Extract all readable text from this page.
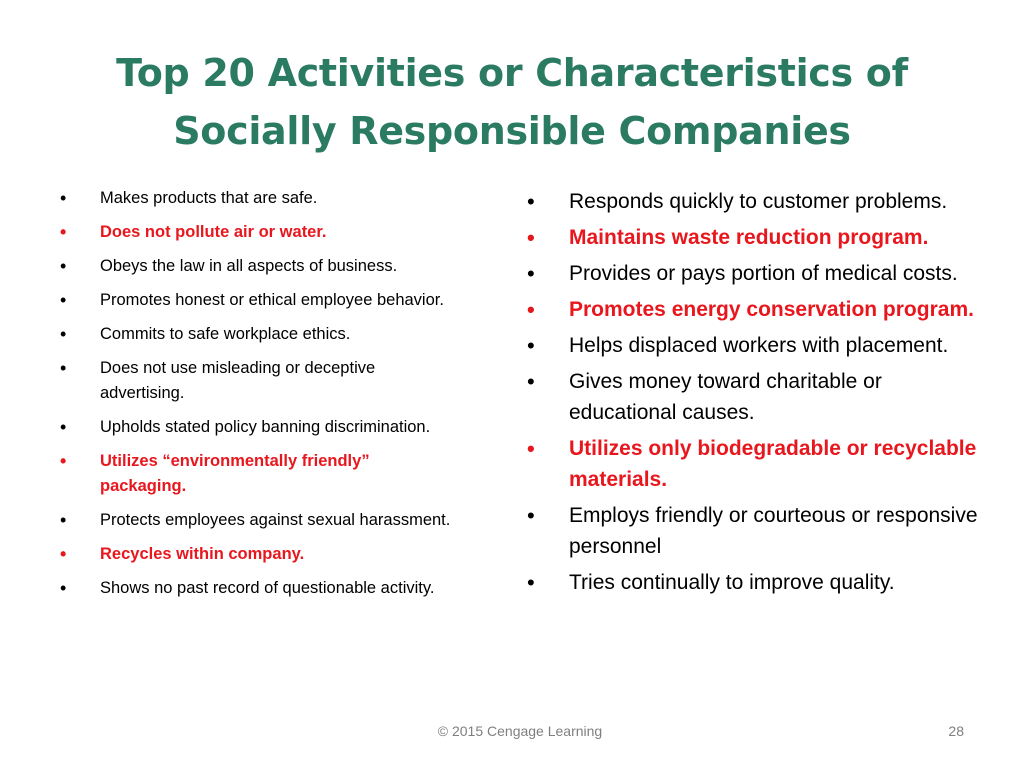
Top 20 Activities or Characteristics of
Socially Responsible Companies
• Makes products that are safe.
• Does not pollute air or water.
• Obeys the law in all aspects of business.
• Promotes honest or ethical employee behavior.
• Commits to safe workplace ethics.
• Does not use misleading or deceptive advertising.
• Upholds stated policy banning discrimination.
• Utilizes “environmentally friendly” packaging.
• Protects employees against sexual harassment.
• Recycles within company.
• Shows no past record of questionable activity.
• Responds quickly to customer problems.
• Maintains waste reduction program.
• Provides or pays portion of medical costs.
• Promotes energy conservation program.
• Helps displaced workers with placement.
• Gives money toward charitable or educational causes.
• Utilizes only biodegradable or recyclable materials.
• Employs friendly or courteous or responsive personnel
• Tries continually to improve quality.
© 2015 Cengage Learning	28
